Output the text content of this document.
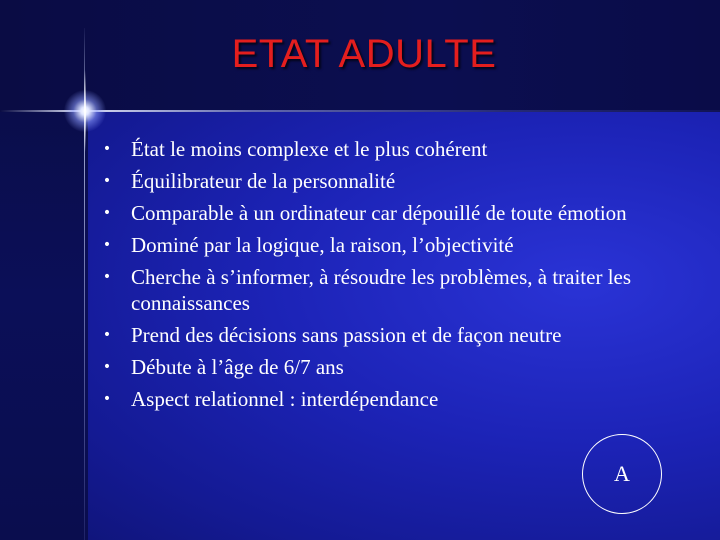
ETAT ADULTE
• État le moins complexe et le plus cohérent
• Équilibrateur de la personnalité
• Comparable à un ordinateur car dépouillé de toute émotion
• Dominé par la logique, la raison, l’objectivité
• Cherche à s’informer, à résoudre les problèmes, à traiter les connaissances
• Prend des décisions sans passion et de façon neutre
• Débute à l’âge de 6/7 ans
• Aspect relationnel : interdépendance
A
